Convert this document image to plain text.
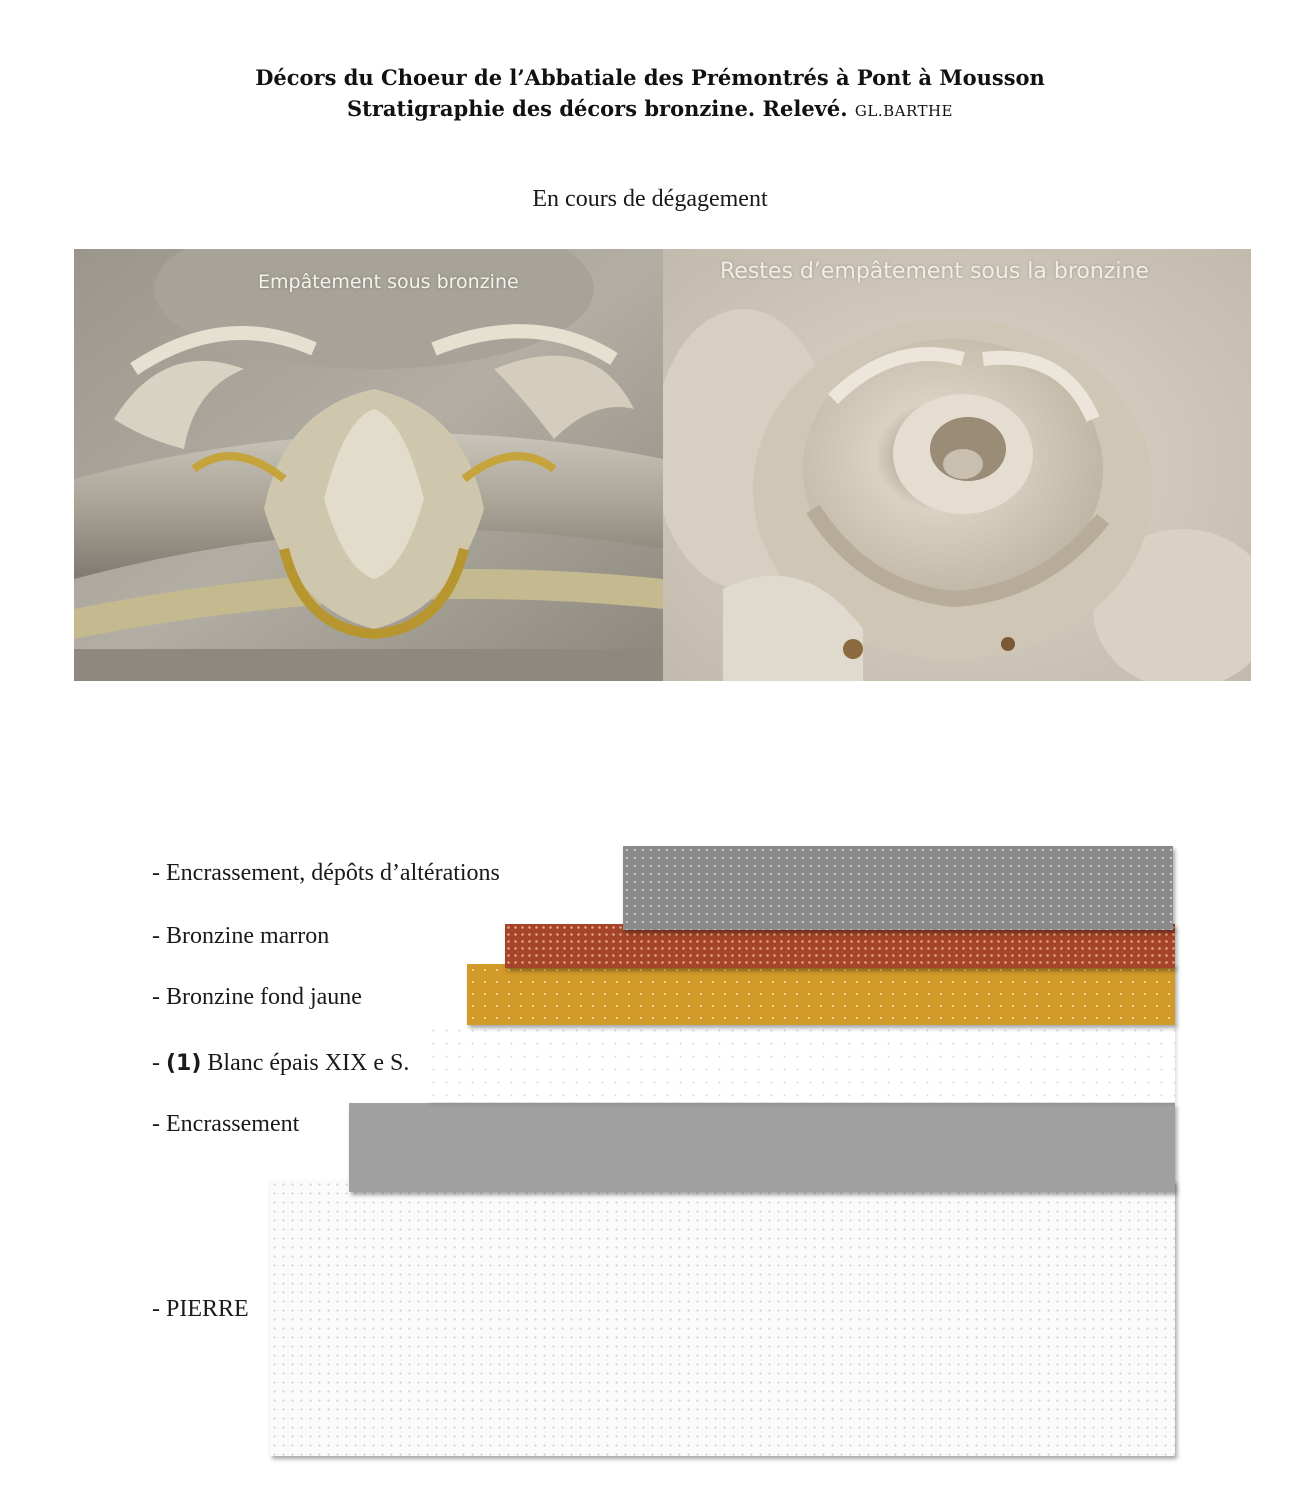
Décors du Choeur de l’Abbatiale des Prémontrés à Pont à Mousson
Stratigraphie des décors bronzine. Relevé. GL.BARTHE
En cours de dégagement
Empâtement sous bronzine	Restes d’empâtement sous la bronzine
- Encrassement, dépôts d’altérations
- Bronzine marron
- Bronzine fond jaune
- (1) Blanc épais XIX e S.
- Encrassement
- PIERRE
